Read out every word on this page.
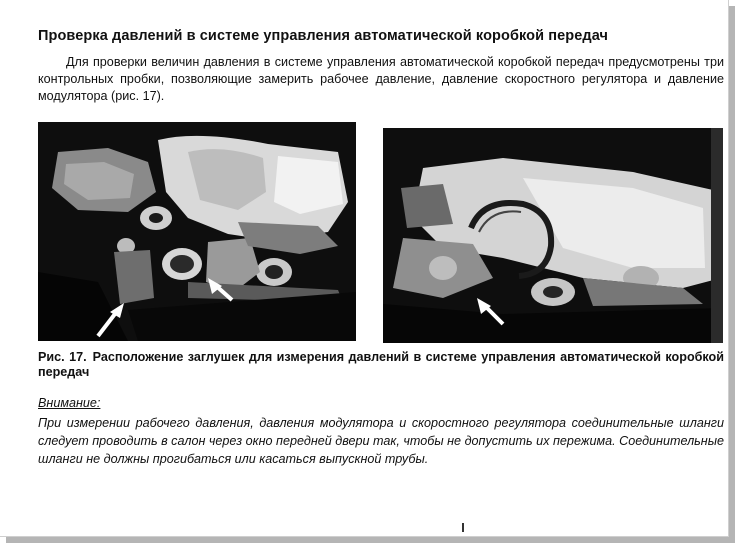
Проверка давлений в системе управления автоматической коробкой передач
Для проверки величин давления в системе управления автоматической коробкой передач предусмотрены три контрольных пробки, позволяющие замерить рабочее давление, давление скоростного регулятора и давление модулятора (рис. 17).
Рис. 17. Расположение заглушек для измерения давлений в системе управления автоматической коробкой передач
Внимание:
При измерении рабочего давления, давления модулятора и скоростного регулятора соединительные шланги следует проводить в салон через окно передней двери так, чтобы не допустить их пережима. Соединительные шланги не должны прогибаться или касаться выпускной трубы.
